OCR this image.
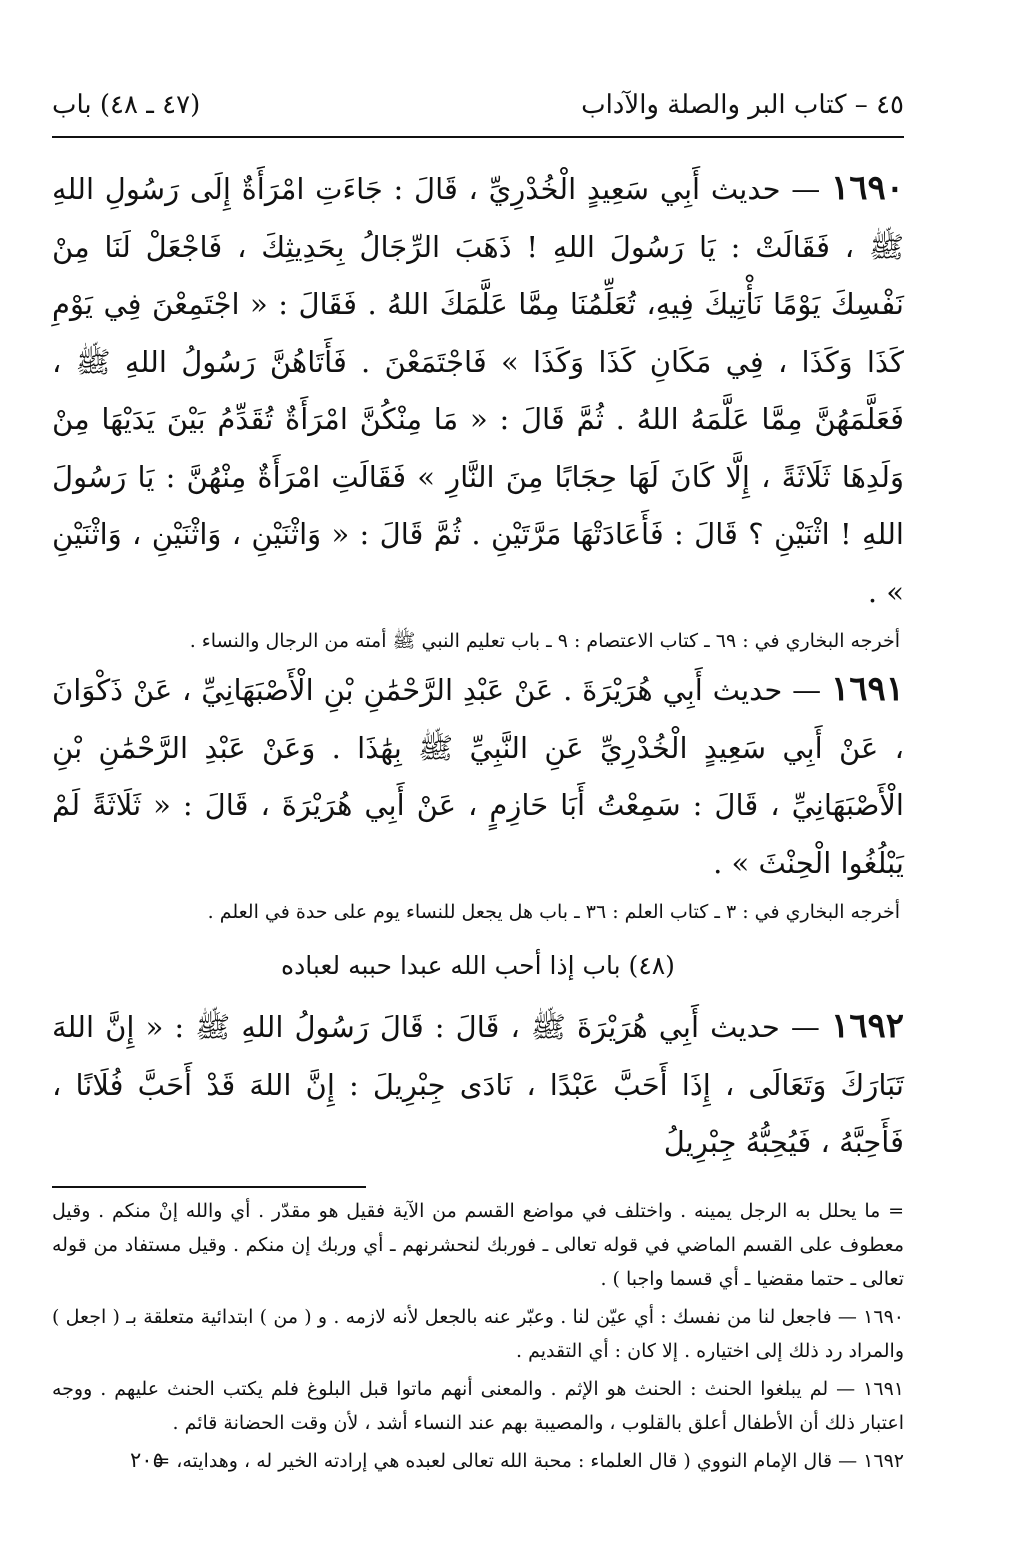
٤٥ – كتاب البر والصلة والآداب
(٤٧ ـ ٤٨) باب

١٦٩٠ — حديث أَبِي سَعِيدٍ الْخُدْرِيِّ ، قَالَ : جَاءَتِ امْرَأَةٌ إِلَى رَسُولِ اللهِ ﷺ ، فَقَالَتْ : يَا رَسُولَ اللهِ ! ذَهَبَ الرِّجَالُ بِحَدِيثِكَ ، فَاجْعَلْ لَنَا مِنْ نَفْسِكَ يَوْمًا نَأْتِيكَ فِيهِ، تُعَلِّمُنَا مِمَّا عَلَّمَكَ اللهُ . فَقَالَ : « اجْتَمِعْنَ فِي يَوْمِ كَذَا وَكَذَا ، فِي مَكَانِ كَذَا وَكَذَا » فَاجْتَمَعْنَ . فَأَتَاهُنَّ رَسُولُ اللهِ ﷺ ، فَعَلَّمَهُنَّ مِمَّا عَلَّمَهُ اللهُ . ثُمَّ قَالَ : « مَا مِنْكُنَّ امْرَأَةٌ تُقَدِّمُ بَيْنَ يَدَيْهَا مِنْ وَلَدِهَا ثَلَاثَةً ، إِلَّا كَانَ لَهَا حِجَابًا مِنَ النَّارِ » فَقَالَتِ امْرَأَةٌ مِنْهُنَّ : يَا رَسُولَ اللهِ ! اثْنَيْنِ ؟ قَالَ : فَأَعَادَتْهَا مَرَّتَيْنِ . ثُمَّ قَالَ : « وَاثْنَيْنِ ، وَاثْنَيْنِ ، وَاثْنَيْنِ » .

أخرجه البخاري في : ٦٩ ـ كتاب الاعتصام : ٩ ـ باب تعليم النبي ﷺ أمته من الرجال والنساء .

١٦٩١ — حديث أَبِي هُرَيْرَةَ . عَنْ عَبْدِ الرَّحْمَٰنِ بْنِ الْأَصْبَهَانِيِّ ، عَنْ ذَكْوَانَ ، عَنْ أَبِي سَعِيدٍ الْخُدْرِيِّ عَنِ النَّبِيِّ ﷺ بِهَٰذَا . وَعَنْ عَبْدِ الرَّحْمَٰنِ بْنِ الْأَصْبَهَانِيِّ ، قَالَ : سَمِعْتُ أَبَا حَازِمٍ ، عَنْ أَبِي هُرَيْرَةَ ، قَالَ : « ثَلَاثَةً لَمْ يَبْلُغُوا الْحِنْثَ » .

أخرجه البخاري في : ٣ ـ كتاب العلم : ٣٦ ـ باب هل يجعل للنساء يوم على حدة في العلم .

(٤٨) باب إذا أحب الله عبدا حببه لعباده

١٦٩٢ — حديث أَبِي هُرَيْرَةَ ﷺ ، قَالَ : قَالَ رَسُولُ اللهِ ﷺ : « إِنَّ اللهَ تَبَارَكَ وَتَعَالَى ، إِذَا أَحَبَّ عَبْدًا ، نَادَى جِبْرِيلَ : إِنَّ اللهَ قَدْ أَحَبَّ فُلَانًا ، فَأَحِبَّهُ ، فَيُحِبُّهُ جِبْرِيلُ

= ما يحلل به الرجل يمينه . واختلف في مواضع القسم من الآية فقيل هو مقدّر . أي والله إنْ منكم . وقيل معطوف على القسم الماضي في قوله تعالى ـ فوربك لنحشرنهم ـ أي وربك إن منكم . وقيل مستفاد من قوله تعالى ـ حتما مقضيا ـ أي قسما واجبا ) .

١٦٩٠ — فاجعل لنا من نفسك : أي عيّن لنا . وعبّر عنه بالجعل لأنه لازمه . و ( من ) ابتدائية متعلقة بـ ( اجعل ) والمراد رد ذلك إلى اختياره . إلا كان : أي التقديم .

١٦٩١ — لم يبلغوا الحنث : الحنث هو الإثم . والمعنى أنهم ماتوا قبل البلوغ فلم يكتب الحنث عليهم . ووجه اعتبار ذلك أن الأطفال أعلق بالقلوب ، والمصيبة بهم عند النساء أشد ، لأن وقت الحضانة قائم .

١٦٩٢ — قال الإمام النووي ( قال العلماء : محبة الله تعالى لعبده هي إرادته الخير له ، وهدايته، =

٢٠٥
